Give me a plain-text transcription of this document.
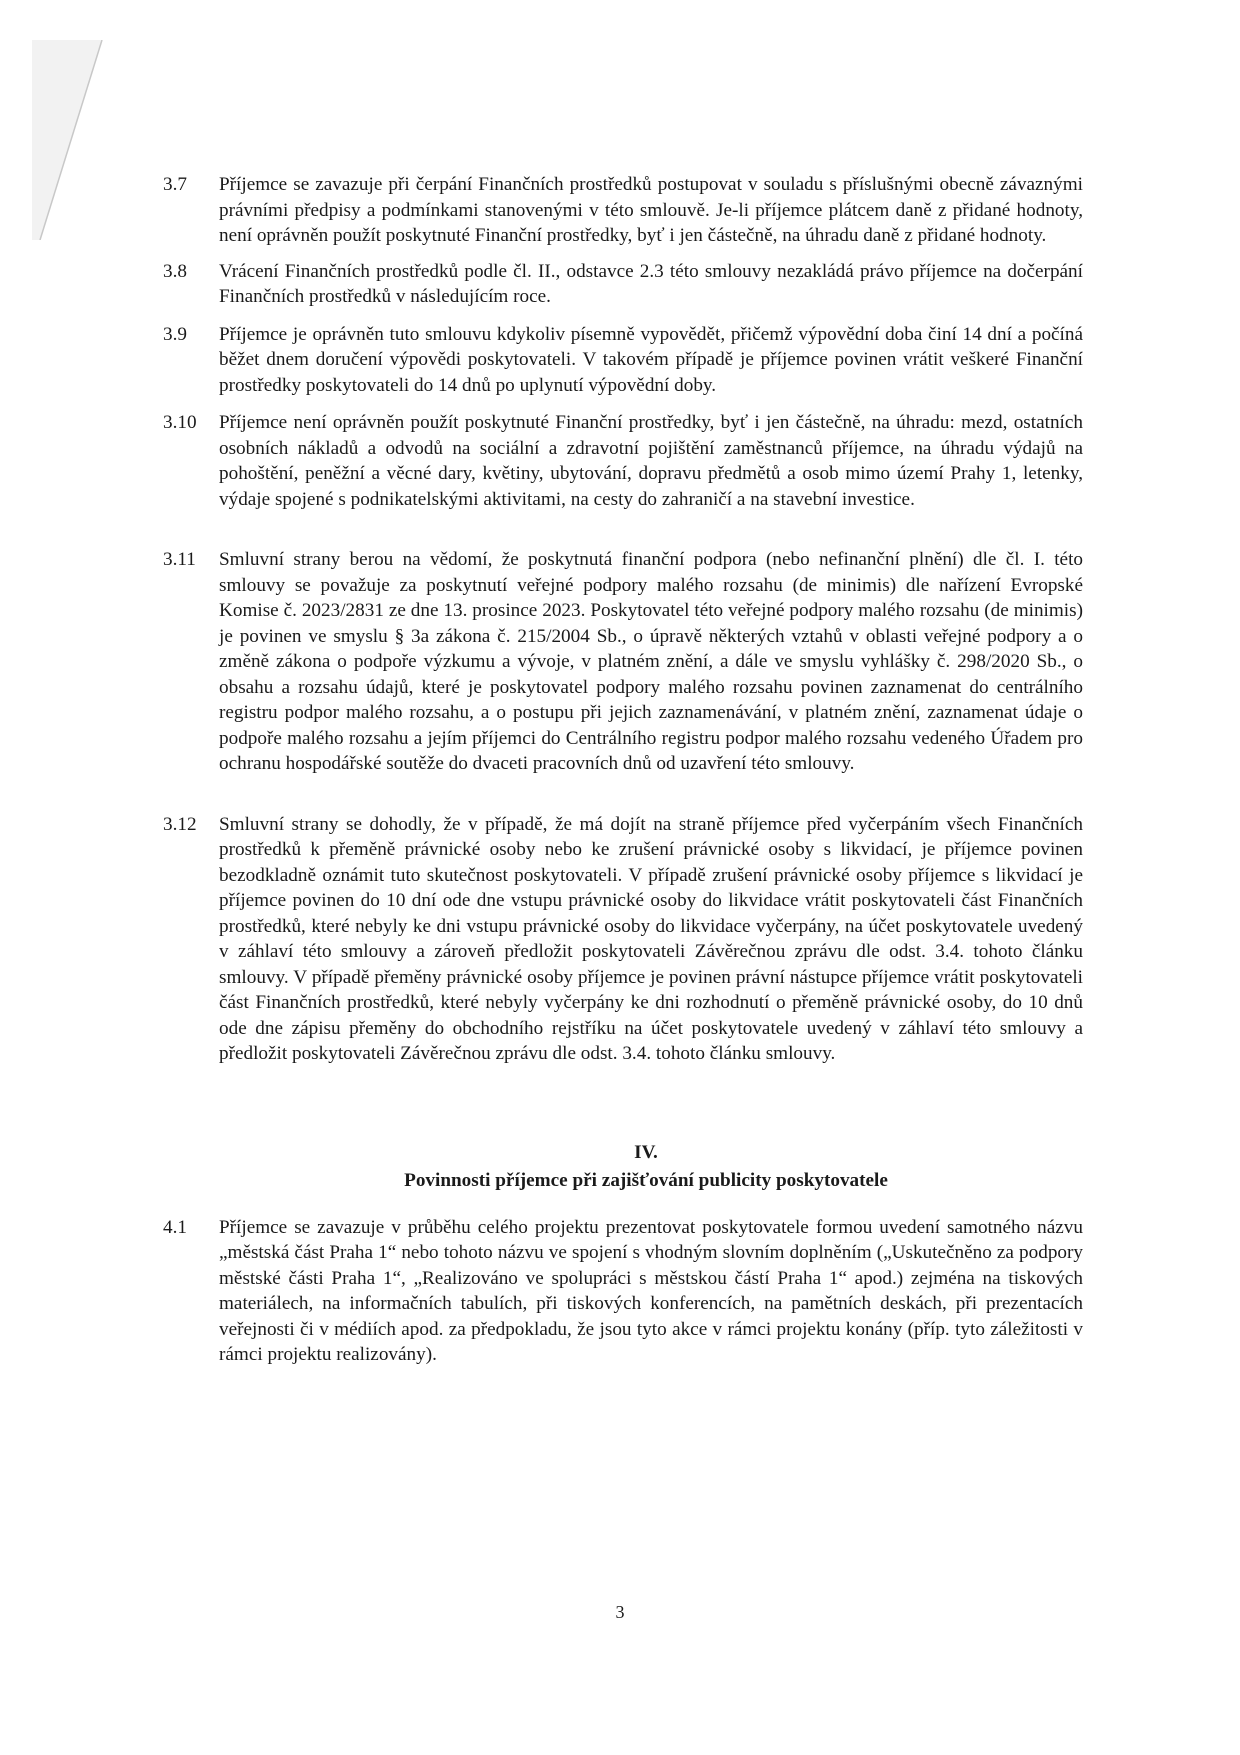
3.7	Příjemce se zavazuje při čerpání Finančních prostředků postupovat v souladu s příslušnými obecně závaznými právními předpisy a podmínkami stanovenými v této smlouvě. Je-li příjemce plátcem daně z přidané hodnoty, není oprávněn použít poskytnuté Finanční prostředky, byť i jen částečně, na úhradu daně z přidané hodnoty.

3.8	Vrácení Finančních prostředků podle čl. II., odstavce 2.3 této smlouvy nezakládá právo příjemce na dočerpání Finančních prostředků v následujícím roce.

3.9	Příjemce je oprávněn tuto smlouvu kdykoliv písemně vypovědět, přičemž výpovědní doba činí 14 dní a počíná běžet dnem doručení výpovědi poskytovateli. V takovém případě je příjemce povinen vrátit veškeré Finanční prostředky poskytovateli do 14 dnů po uplynutí výpovědní doby.

3.10	Příjemce není oprávněn použít poskytnuté Finanční prostředky, byť i jen částečně, na úhradu: mezd, ostatních osobních nákladů a odvodů na sociální a zdravotní pojištění zaměstnanců příjemce, na úhradu výdajů na pohoštění, peněžní a věcné dary, květiny, ubytování, dopravu předmětů a osob mimo území Prahy 1, letenky, výdaje spojené s podnikatelskými aktivitami, na cesty do zahraničí a na stavební investice.

3.11	Smluvní strany berou na vědomí, že poskytnutá finanční podpora (nebo nefinanční plnění) dle čl. I. této smlouvy se považuje za poskytnutí veřejné podpory malého rozsahu (de minimis) dle nařízení Evropské Komise č. 2023/2831 ze dne 13. prosince 2023. Poskytovatel této veřejné podpory malého rozsahu (de minimis) je povinen ve smyslu § 3a zákona č. 215/2004 Sb., o úpravě některých vztahů v oblasti veřejné podpory a o změně zákona o podpoře výzkumu a vývoje, v platném znění, a dále ve smyslu vyhlášky č. 298/2020 Sb., o obsahu a rozsahu údajů, které je poskytovatel podpory malého rozsahu povinen zaznamenat do centrálního registru podpor malého rozsahu, a o postupu při jejich zaznamenávání, v platném znění, zaznamenat údaje o podpoře malého rozsahu a jejím příjemci do Centrálního registru podpor malého rozsahu vedeného Úřadem pro ochranu hospodářské soutěže do dvaceti pracovních dnů od uzavření této smlouvy.

3.12	Smluvní strany se dohodly, že v případě, že má dojít na straně příjemce před vyčerpáním všech Finančních prostředků k přeměně právnické osoby nebo ke zrušení právnické osoby s likvidací, je příjemce povinen bezodkladně oznámit tuto skutečnost poskytovateli. V případě zrušení právnické osoby příjemce s likvidací je příjemce povinen do 10 dní ode dne vstupu právnické osoby do likvidace vrátit poskytovateli část Finančních prostředků, které nebyly ke dni vstupu právnické osoby do likvidace vyčerpány, na účet poskytovatele uvedený v záhlaví této smlouvy a zároveň předložit poskytovateli Závěrečnou zprávu dle odst. 3.4. tohoto článku smlouvy. V případě přeměny právnické osoby příjemce je povinen právní nástupce příjemce vrátit poskytovateli část Finančních prostředků, které nebyly vyčerpány ke dni rozhodnutí o přeměně právnické osoby, do 10 dnů ode dne zápisu přeměny do obchodního rejstříku na účet poskytovatele uvedený v záhlaví této smlouvy a předložit poskytovateli Závěrečnou zprávu dle odst. 3.4. tohoto článku smlouvy.

IV.
Povinnosti příjemce při zajišťování publicity poskytovatele
4.1	Příjemce se zavazuje v průběhu celého projektu prezentovat poskytovatele formou uvedení samotného názvu „městská část Praha 1“ nebo tohoto názvu ve spojení s vhodným slovním doplněním („Uskutečněno za podpory městské části Praha 1“, „Realizováno ve spolupráci s městskou částí Praha 1“ apod.) zejména na tiskových materiálech, na informačních tabulích, při tiskových konferencích, na pamětních deskách, při prezentacích veřejnosti či v médiích apod. za předpokladu, že jsou tyto akce v rámci projektu konány (příp. tyto záležitosti v rámci projektu realizovány).

3
